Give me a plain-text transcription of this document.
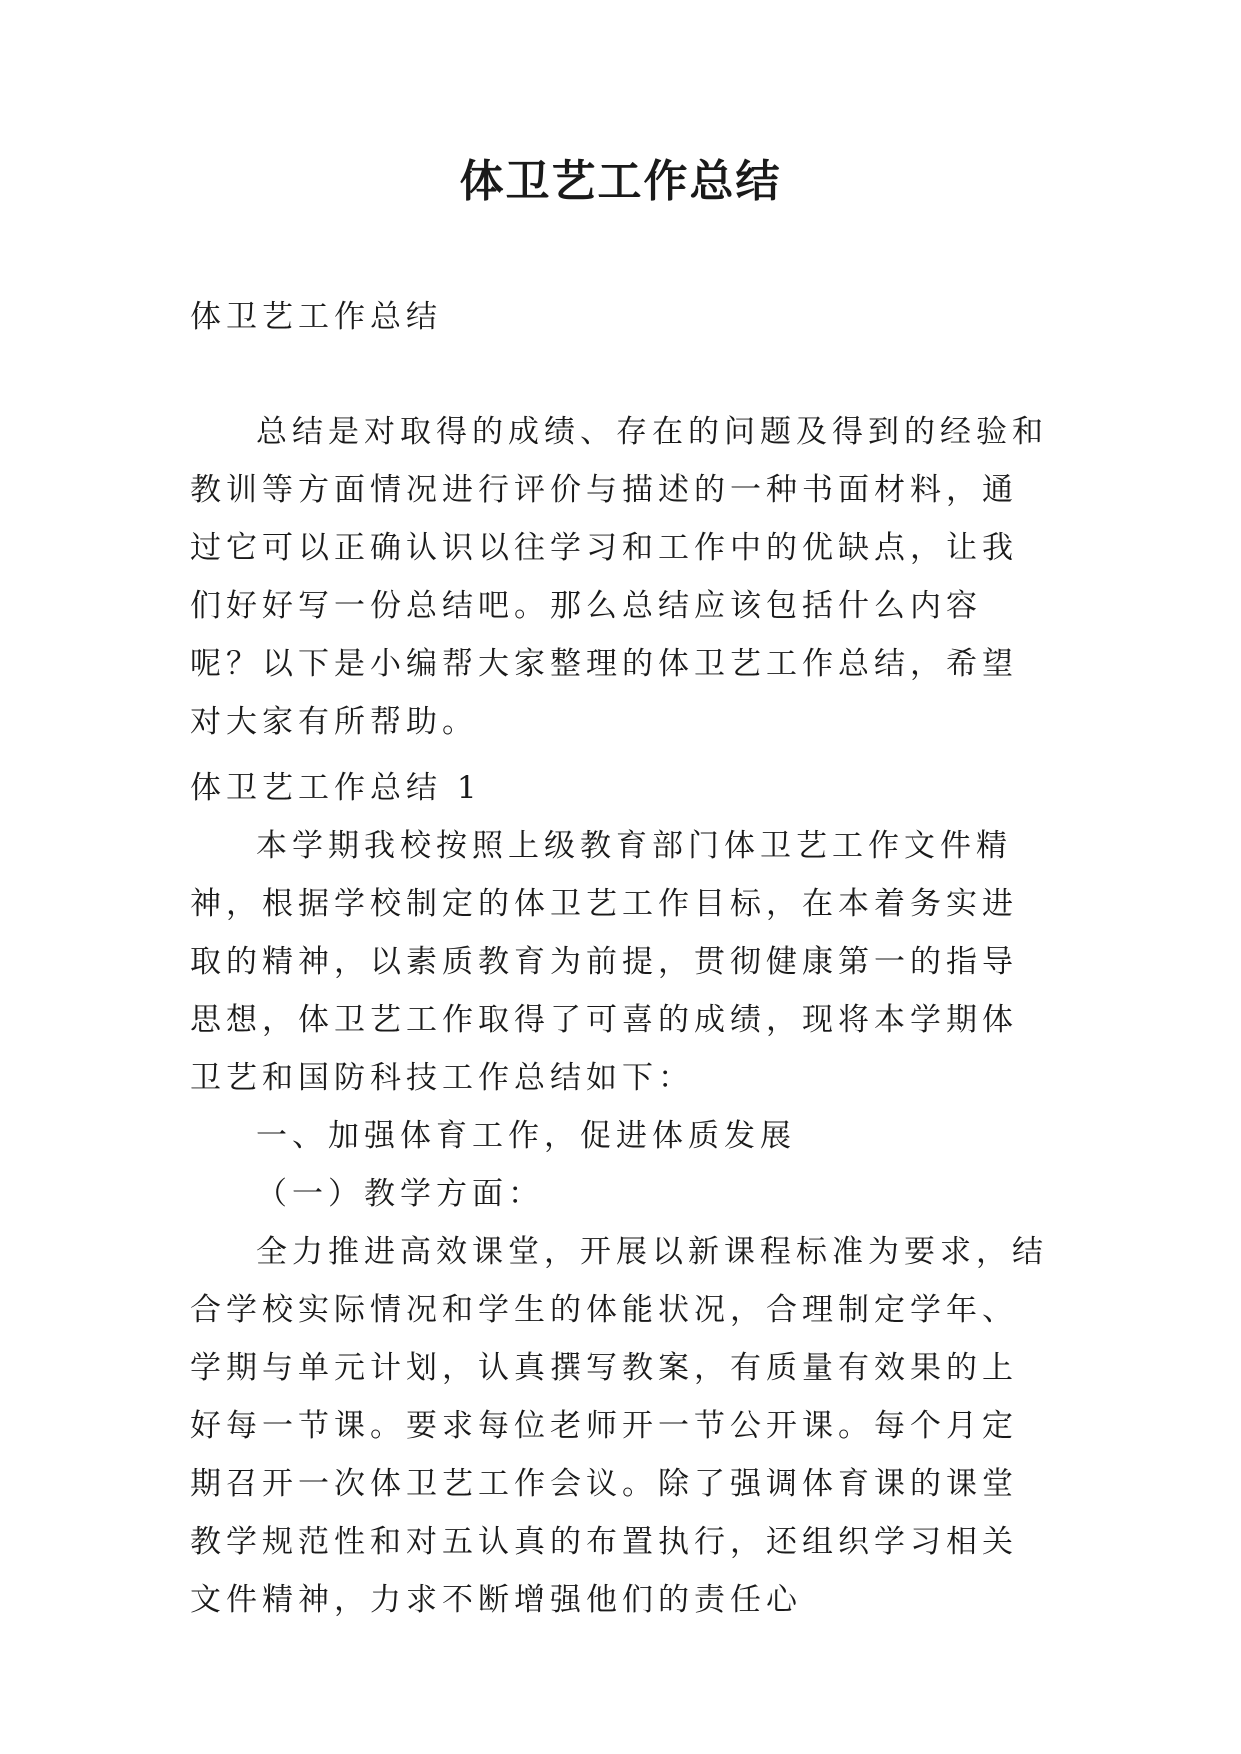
体卫艺工作总结

体卫艺工作总结

总结是对取得的成绩、存在的问题及得到的经验和教训等方面情况进行评价与描述的一种书面材料，通过它可以正确认识以往学习和工作中的优缺点，让我们好好写一份总结吧。那么总结应该包括什么内容呢？以下是小编帮大家整理的体卫艺工作总结，希望对大家有所帮助。

体卫艺工作总结 1

本学期我校按照上级教育部门体卫艺工作文件精神，根据学校制定的体卫艺工作目标，在本着务实进取的精神，以素质教育为前提，贯彻健康第一的指导思想，体卫艺工作取得了可喜的成绩，现将本学期体卫艺和国防科技工作总结如下：

一、加强体育工作，促进体质发展

（一）教学方面：

全力推进高效课堂，开展以新课程标准为要求，结合学校实际情况和学生的体能状况，合理制定学年、学期与单元计划，认真撰写教案，有质量有效果的上好每一节课。要求每位老师开一节公开课。每个月定期召开一次体卫艺工作会议。除了强调体育课的课堂教学规范性和对五认真的布置执行，还组织学习相关文件精神，力求不断增强他们的责任心
